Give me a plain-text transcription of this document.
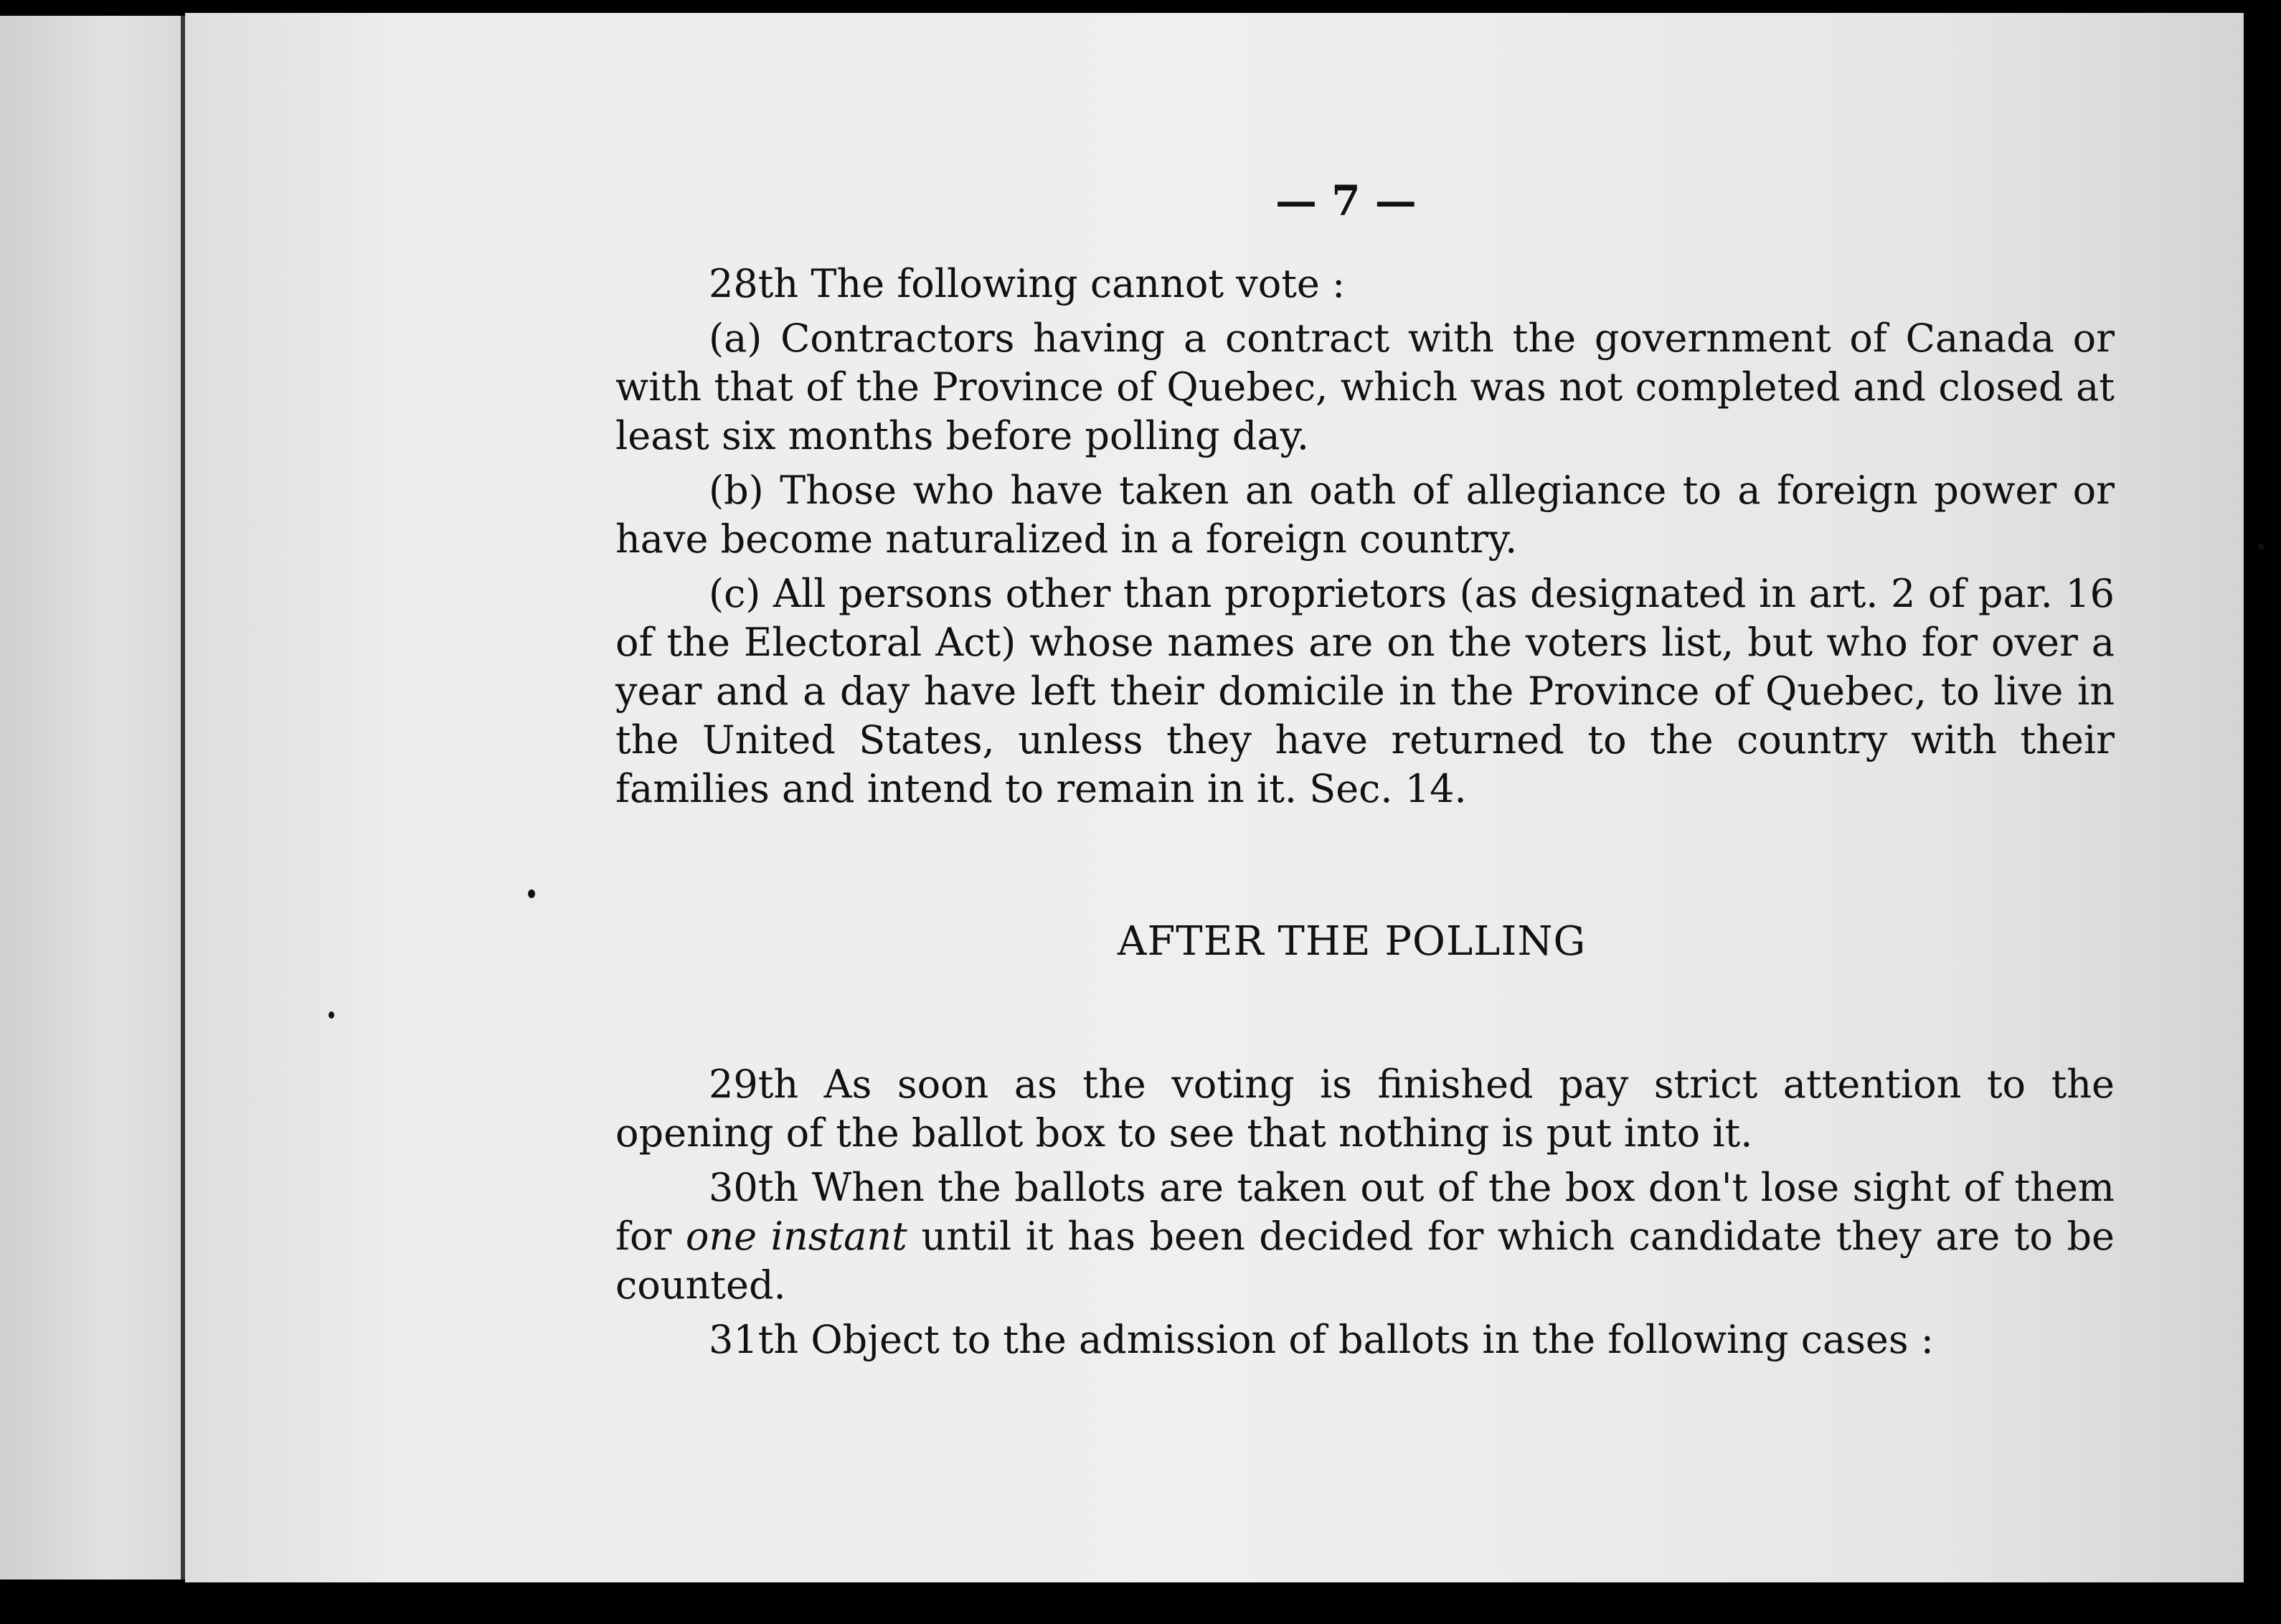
— 7 —

28th The following cannot vote :

(a) Contractors having a contract with the government of Canada or with that of the Province of Quebec, which was not completed and closed at least six months before polling day.

(b) Those who have taken an oath of allegiance to a foreign power or have become naturalized in a foreign country.

(c) All persons other than proprietors (as designated in art. 2 of par. 16 of the Electoral Act) whose names are on the voters list, but who for over a year and a day have left their domicile in the Province of Quebec, to live in the United States, unless they have returned to the country with their families and intend to remain in it. Sec. 14.

AFTER THE POLLING

29th As soon as the voting is finished pay strict attention to the opening of the ballot box to see that nothing is put into it.

30th When the ballots are taken out of the box don't lose sight of them for one instant until it has been decided for which candidate they are to be counted.

31th Object to the admission of ballots in the following cases :
